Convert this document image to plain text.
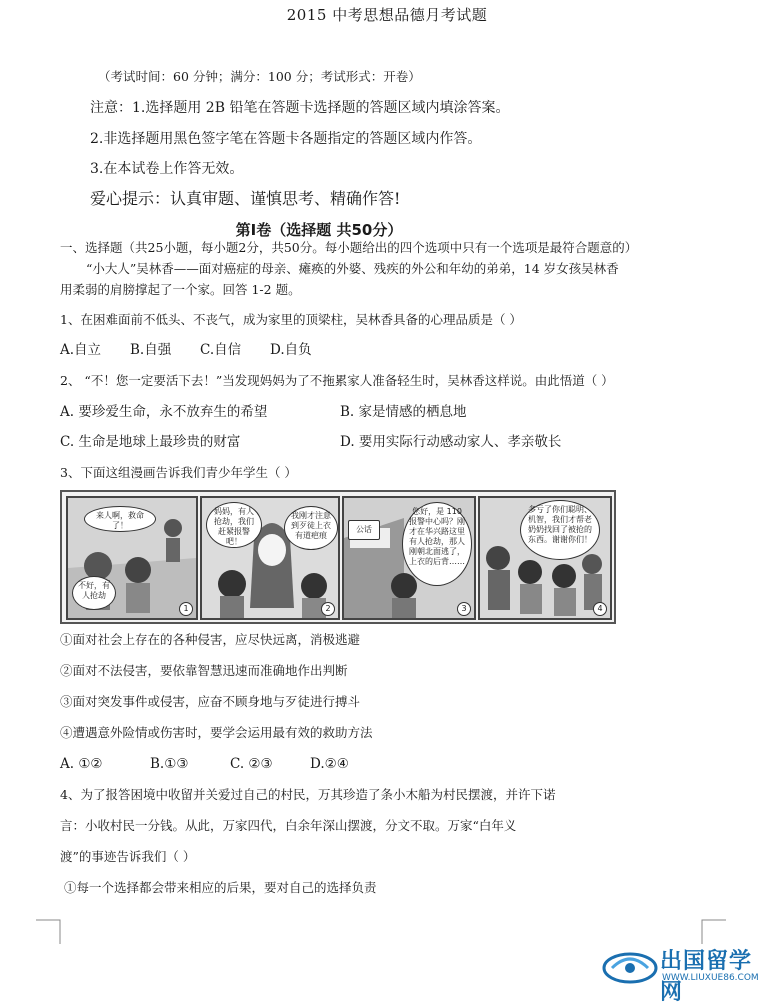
2015 中考思想品德月考试题
（考试时间：60 分钟；满分：100 分；考试形式：开卷）
注意：1.选择题用 2B 铅笔在答题卡选择题的答题区域内填涂答案。
2.非选择题用黑色签字笔在答题卡各题指定的答题区域内作答。
3.在本试卷上作答无效。
爱心提示：认真审题、谨慎思考、精确作答!
第Ⅰ卷（选择题 共50分）
一、选择题（共25小题，每小题2分，共50分。每小题给出的四个选项中只有一个选项是最符合题意的）
“小大人”吴林香——面对癌症的母亲、瘫痪的外婆、残疾的外公和年幼的弟弟，14 岁女孩吴林香
用柔弱的肩膀撑起了一个家。回答 1-2 题。
1、在困难面前不低头、不丧气，成为家里的顶梁柱，吴林香具备的心理品质是（ ）
A.自立 B.自强 C.自信 D.自负
2、 “不！您一定要活下去！”当发现妈妈为了不拖累家人准备轻生时，吴林香这样说。由此悟道（ ）
A. 要珍爱生命，永不放弃生的希望	B. 家是情感的栖息地
C. 生命是地球上最珍贵的财富	D. 要用实际行动感动家人、孝亲敬长
3、下面这组漫画告诉我们青少年学生（ ）
来人啊，救命了！
不好，有人抢劫
1
妈妈，有人抢劫，我们赶紧报警吧！
我刚才注意到歹徒上衣有道疤痕
2
公话
您好，是 110 报警中心吗？刚才在华兴路这里有人抢劫，那人刚朝北面逃了，上衣的后背……
3
多亏了你们聪明、机智，我们才帮老奶奶找回了被抢的东西。谢谢你们！
4
①面对社会上存在的各种侵害，应尽快远离，消极逃避
②面对不法侵害，要依靠智慧迅速而准确地作出判断
③面对突发事件或侵害，应奋不顾身地与歹徒进行搏斗
④遭遇意外险情或伤害时，要学会运用最有效的救助方法
A. ①②	B.①③	C. ②③	D.②④
4、为了报答困境中收留并关爱过自己的村民，万其珍造了条小木船为村民摆渡，并许下诺
言：小收村民一分钱。从此，万家四代，白余年深山摆渡，分文不取。万家“白年义
渡”的事迹告诉我们（ ）
①每一个选择都会带来相应的后果，要对自己的选择负责
出国留学网
WWW.LIUXUE86.COM
